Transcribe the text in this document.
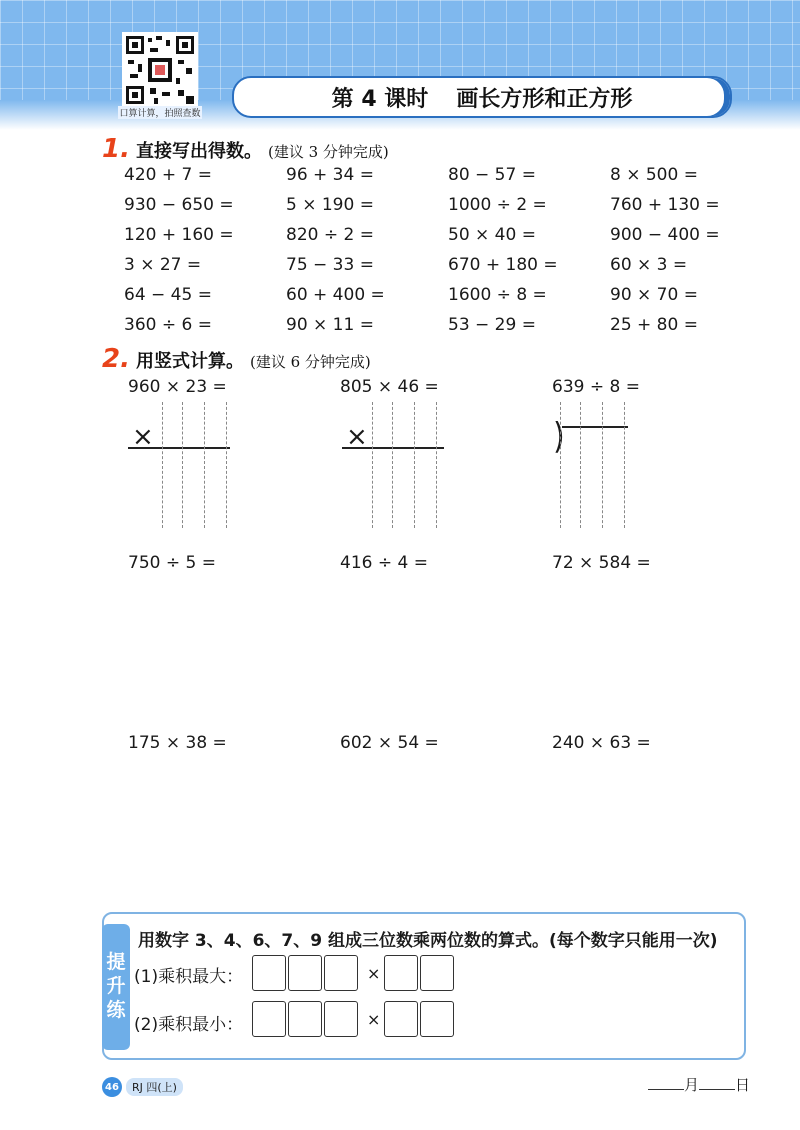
口算计算，拍照查数
第 4 课时 画长方形和正方形
1. 直接写出得数。 (建议 3 分钟完成)
420 + 7 =	96 + 34 =	80 − 57 =	8 × 500 =
930 − 650 =	5 × 190 =	1000 ÷ 2 =	760 + 130 =
120 + 160 =	820 ÷ 2 =	50 × 40 =	900 − 400 =
3 × 27 =	75 − 33 =	670 + 180 =	60 × 3 =
64 − 45 =	60 + 400 =	1600 ÷ 8 =	90 × 70 =
360 ÷ 6 =	90 × 11 =	53 − 29 =	25 + 80 =
2. 用竖式计算。 (建议 6 分钟完成)
960 × 23 =	805 × 46 =	639 ÷ 8 =
×	×	)
750 ÷ 5 =	416 ÷ 4 =	72 × 584 =
175 × 38 =	602 × 54 =	240 × 63 =
提
升
练
用数字 3、4、6、7、9 组成三位数乘两位数的算式。(每个数字只能用一次)
(1)乘积最大：	×
(2)乘积最小：	×
46	RJ 四(上)	月 日
